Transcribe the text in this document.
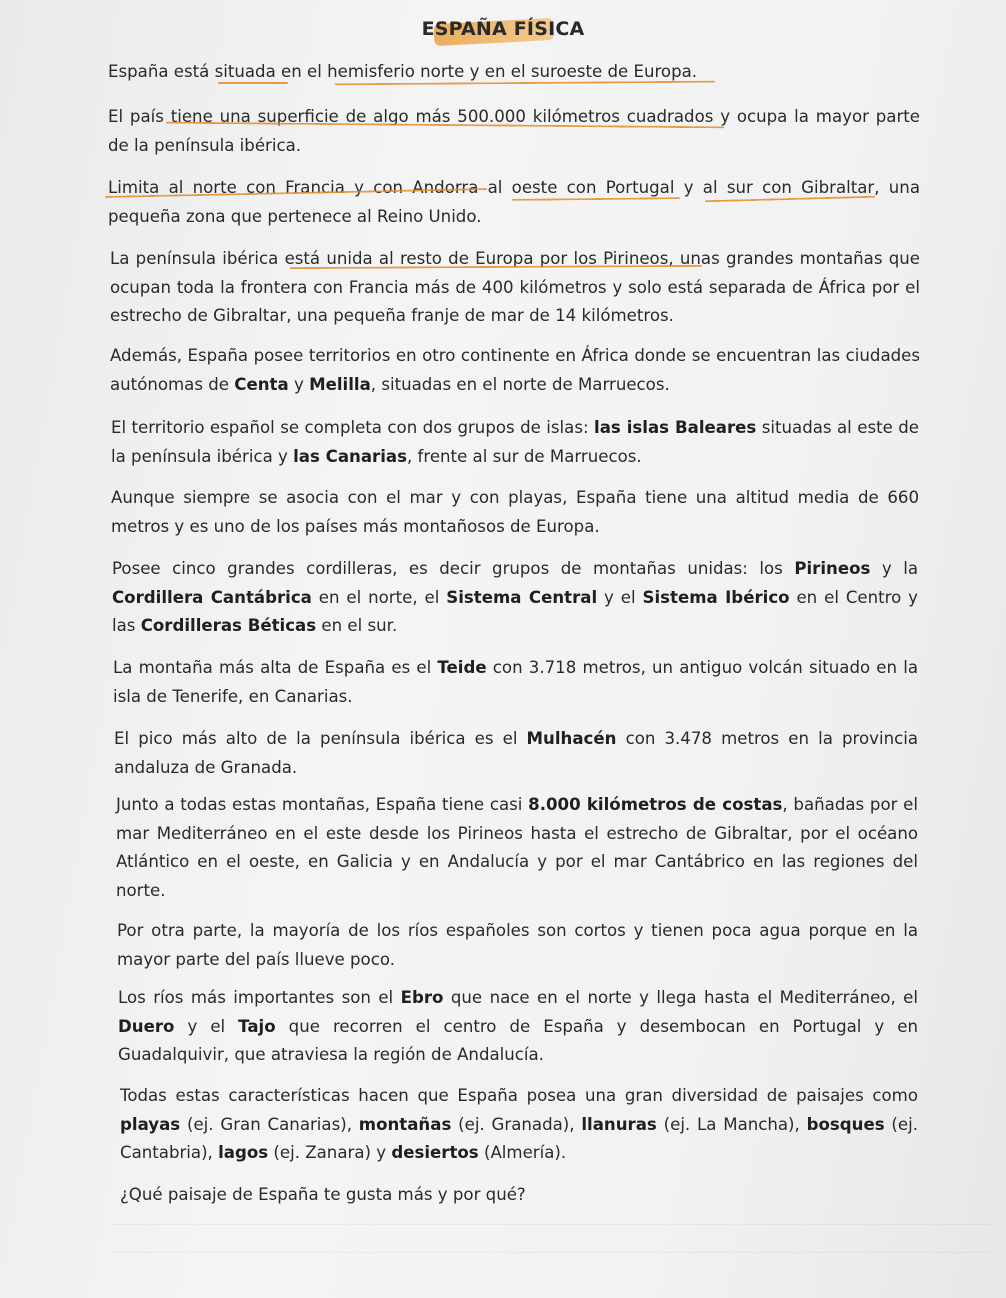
ESPAÑA FÍSICA

España está situada en el hemisferio norte y en el suroeste de Europa.

El país tiene una superficie de algo más 500.000 kilómetros cuadrados y ocupa la mayor parte de la península ibérica.

Limita al norte con Francia y con Andorra al oeste con Portugal y al sur con Gibraltar, una pequeña zona que pertenece al Reino Unido.

La península ibérica está unida al resto de Europa por los Pirineos, unas grandes montañas que ocupan toda la frontera con Francia más de 400 kilómetros y solo está separada de África por el estrecho de Gibraltar, una pequeña franje de mar de 14 kilómetros.

Además, España posee territorios en otro continente en África donde se encuentran las ciudades autónomas de Centa y Melilla, situadas en el norte de Marruecos.

El territorio español se completa con dos grupos de islas: las islas Baleares situadas al este de la península ibérica y las Canarias, frente al sur de Marruecos.

Aunque siempre se asocia con el mar y con playas, España tiene una altitud media de 660 metros y es uno de los países más montañosos de Europa.

Posee cinco grandes cordilleras, es decir grupos de montañas unidas: los Pirineos y la Cordillera Cantábrica en el norte, el Sistema Central y el Sistema Ibérico en el Centro y las Cordilleras Béticas en el sur.

La montaña más alta de España es el Teide con 3.718 metros, un antiguo volcán situado en la isla de Tenerife, en Canarias.

El pico más alto de la península ibérica es el Mulhacén con 3.478 metros en la provincia andaluza de Granada.

Junto a todas estas montañas, España tiene casi 8.000 kilómetros de costas, bañadas por el mar Mediterráneo en el este desde los Pirineos hasta el estrecho de Gibraltar, por el océano Atlántico en el oeste, en Galicia y en Andalucía y por el mar Cantábrico en las regiones del norte.

Por otra parte, la mayoría de los ríos españoles son cortos y tienen poca agua porque en la mayor parte del país llueve poco.

Los ríos más importantes son el Ebro que nace en el norte y llega hasta el Mediterráneo, el Duero y el Tajo que recorren el centro de España y desembocan en Portugal y en Guadalquivir, que atraviesa la región de Andalucía.

Todas estas características hacen que España posea una gran diversidad de paisajes como playas (ej. Gran Canarias), montañas (ej. Granada), llanuras (ej. La Mancha), bosques (ej. Cantabria), lagos (ej. Zanara) y desiertos (Almería).

¿Qué paisaje de España te gusta más y por qué?
